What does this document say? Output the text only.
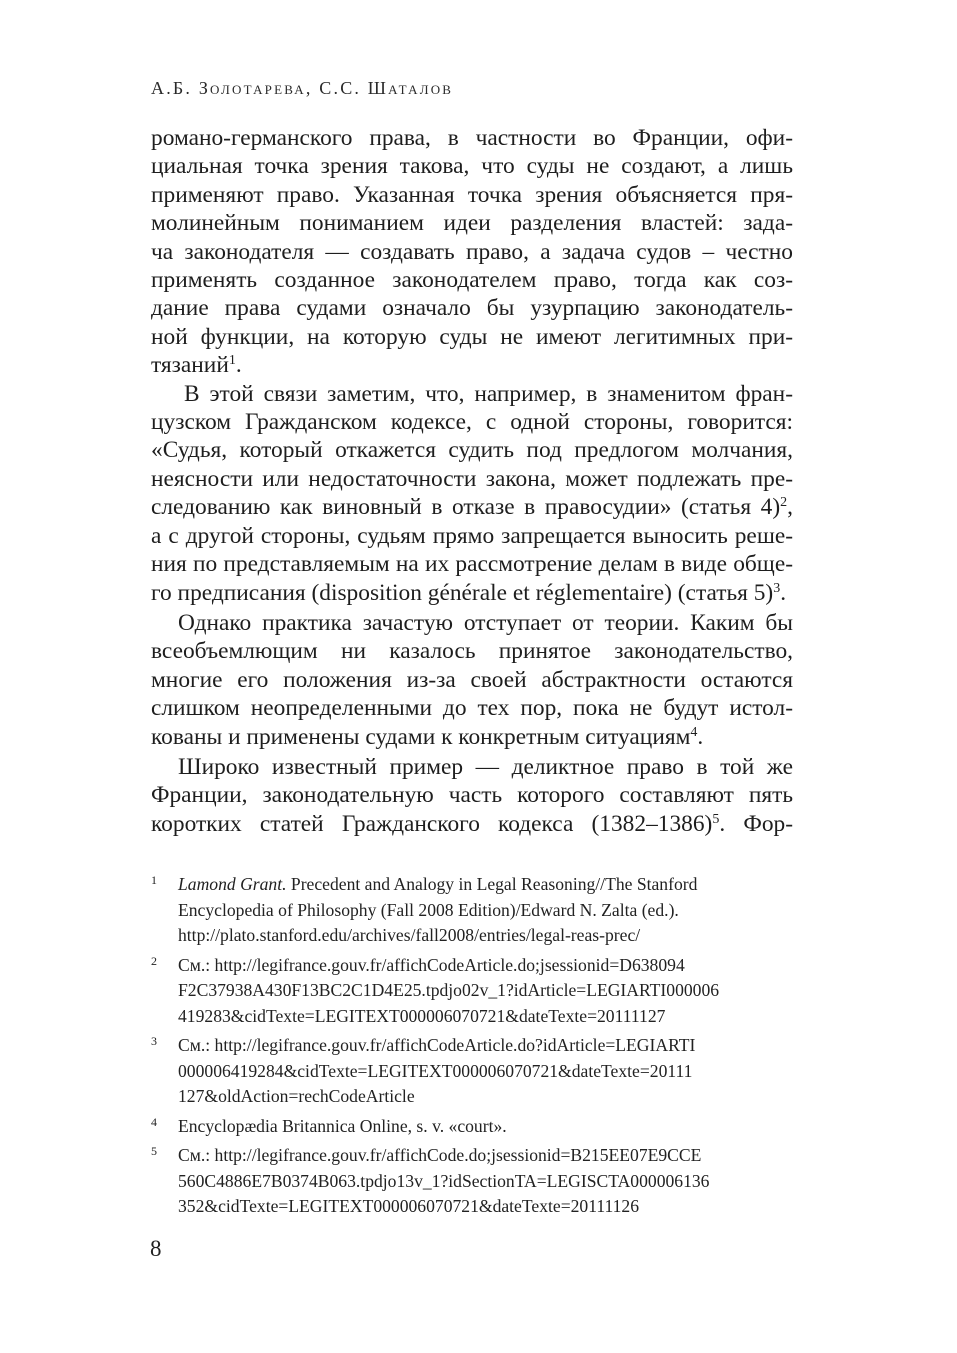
А.Б. Золотарева, С.С. Шаталов

романо-германского права, в частности во Франции, офи-
циальная точка зрения такова, что суды не создают, а лишь
применяют право. Указанная точка зрения объясняется пря-
молинейным пониманием идеи разделения властей: зада-
ча законодателя — создавать право, а задача судов – честно
применять созданное законодателем право, тогда как соз-
дание права судами означало бы узурпацию законодатель-
ной функции, на которую суды не имеют легитимных при-
тязаний$^1$.

В этой связи заметим, что, например, в знаменитом фран-
цузском Гражданском кодексе, с одной стороны, говорится:
«Судья, который откажется судить под предлогом молчания,
неясности или недостаточности закона, может подлежать пре-
следованию как виновный в отказе в правосудии» (статья 4)$^2$,
а с другой стороны, судьям прямо запрещается выносить реше-
ния по представляемым на их рассмотрение делам в виде обще-
го предписания (disposition générale et réglementaire) (статья 5)$^3$.

Однако практика зачастую отступает от теории. Каким бы
всеобъемлющим ни казалось принятое законодательство,
многие его положения из-за своей абстрактности остаются
слишком неопределенными до тех пор, пока не будут истол-
кованы и применены судами к конкретным ситуациям$^4$.

Широко известный пример — деликтное право в той же
Франции, законодательную часть которого составляют пять
коротких статей Гражданского кодекса (1382–1386)$^5$. Фор-

1 Lamond Grant. Precedent and Analogy in Legal Reasoning//The Stanford
Encyclopedia of Philosophy (Fall 2008 Edition)/Edward N. Zalta (ed.).
http://plato.stanford.edu/archives/fall2008/entries/legal-reas-prec/
2 См.: http://legifrance.gouv.fr/affichCodeArticle.do;jsessionid=D638094
F2C37938A430F13BC2C1D4E25.tpdjo02v_1?idArticle=LEGIARTI000006
419283&cidTexte=LEGITEXT000006070721&dateTexte=20111127
3 См.: http://legifrance.gouv.fr/affichCodeArticle.do?idArticle=LEGIARTI
000006419284&cidTexte=LEGITEXT000006070721&dateTexte=20111
127&oldAction=rechCodeArticle
4 Encyclopædia Britannica Online, s. v. «court».
5 См.: http://legifrance.gouv.fr/affichCode.do;jsessionid=B215EE07E9CCE
560C4886E7B0374B063.tpdjo13v_1?idSectionTA=LEGISCTA000006136
352&cidTexte=LEGITEXT000006070721&dateTexte=20111126
8
